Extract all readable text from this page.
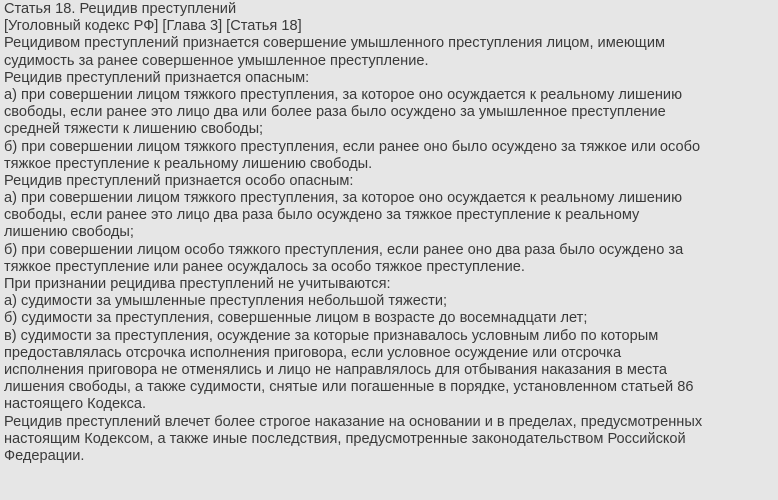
Статья 18. Рецидив преступлений
[Уголовный кодекс РФ] [Глава 3] [Статья 18]
Рецидивом преступлений признается совершение умышленного преступления лицом, имеющим
судимость за ранее совершенное умышленное преступление.
Рецидив преступлений признается опасным:
а) при совершении лицом тяжкого преступления, за которое оно осуждается к реальному лишению
свободы, если ранее это лицо два или более раза было осуждено за умышленное преступление
средней тяжести к лишению свободы;
б) при совершении лицом тяжкого преступления, если ранее оно было осуждено за тяжкое или особо
тяжкое преступление к реальному лишению свободы.
Рецидив преступлений признается особо опасным:
а) при совершении лицом тяжкого преступления, за которое оно осуждается к реальному лишению
свободы, если ранее это лицо два раза было осуждено за тяжкое преступление к реальному
лишению свободы;
б) при совершении лицом особо тяжкого преступления, если ранее оно два раза было осуждено за
тяжкое преступление или ранее осуждалось за особо тяжкое преступление.
При признании рецидива преступлений не учитываются:
а) судимости за умышленные преступления небольшой тяжести;
б) судимости за преступления, совершенные лицом в возрасте до восемнадцати лет;
в) судимости за преступления, осуждение за которые признавалось условным либо по которым
предоставлялась отсрочка исполнения приговора, если условное осуждение или отсрочка
исполнения приговора не отменялись и лицо не направлялось для отбывания наказания в места
лишения свободы, а также судимости, снятые или погашенные в порядке, установленном статьей 86
настоящего Кодекса.
Рецидив преступлений влечет более строгое наказание на основании и в пределах, предусмотренных
настоящим Кодексом, а также иные последствия, предусмотренные законодательством Российской
Федерации.
